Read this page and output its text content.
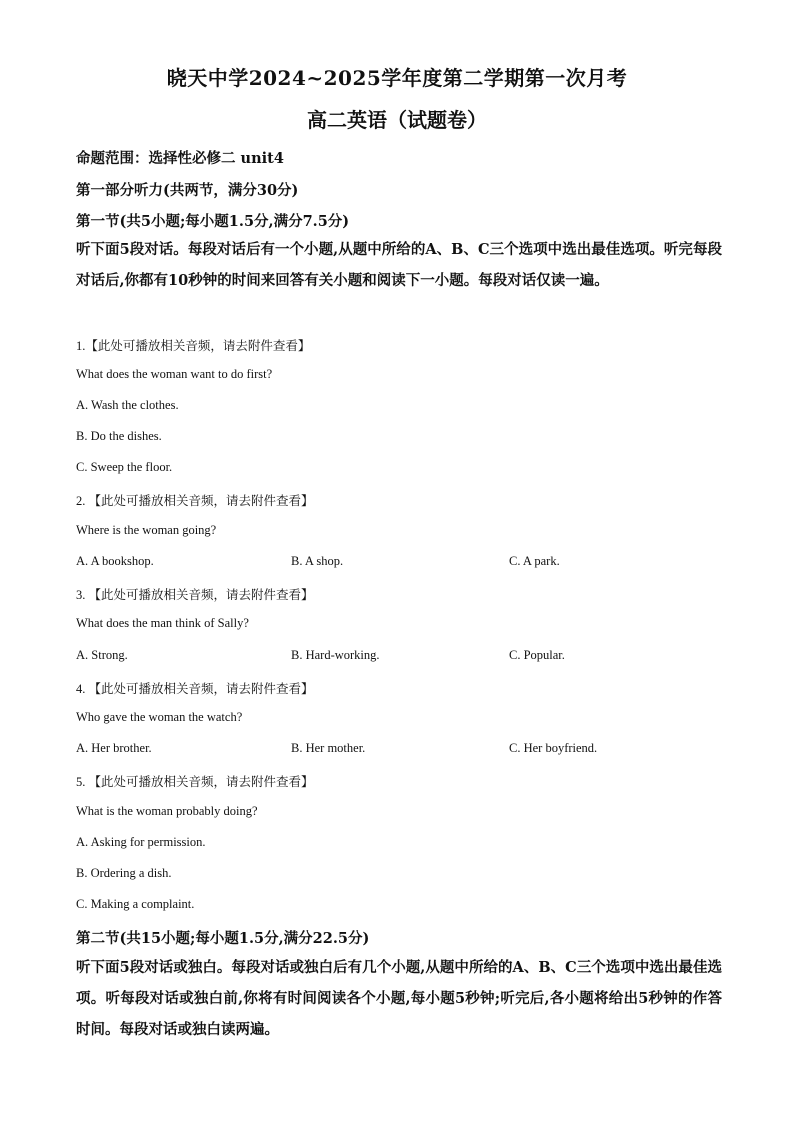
晓天中学2024~2025学年度第二学期第一次月考
高二英语（试题卷）
命题范围：选择性必修二 unit4
第一部分听力(共两节，满分30分)
第一节(共5小题;每小题1.5分,满分7.5分)
听下面5段对话。每段对话后有一个小题,从题中所给的A、B、C三个选项中选出最佳选项。听完每段对话后,你都有10秒钟的时间来回答有关小题和阅读下一小题。每段对话仅读一遍。
1.【此处可播放相关音频，请去附件查看】
What does the woman want to do first?
A. Wash the clothes.
B. Do the dishes.
C. Sweep the floor.
2. 【此处可播放相关音频，请去附件查看】
Where is the woman going?
A. A bookshop.	B. A shop.	C. A park.
3. 【此处可播放相关音频，请去附件查看】
What does the man think of Sally?
A. Strong.	B. Hard-working.	C. Popular.
4. 【此处可播放相关音频，请去附件查看】
Who gave the woman the watch?
A. Her brother.	B. Her mother.	C. Her boyfriend.
5. 【此处可播放相关音频，请去附件查看】
What is the woman probably doing?
A. Asking for permission.
B. Ordering a dish.
C. Making a complaint.
第二节(共15小题;每小题1.5分,满分22.5分)
听下面5段对话或独白。每段对话或独白后有几个小题,从题中所给的A、B、C三个选项中选出最佳选项。听每段对话或独白前,你将有时间阅读各个小题,每小题5秒钟;听完后,各小题将给出5秒钟的作答时间。每段对话或独白读两遍。
